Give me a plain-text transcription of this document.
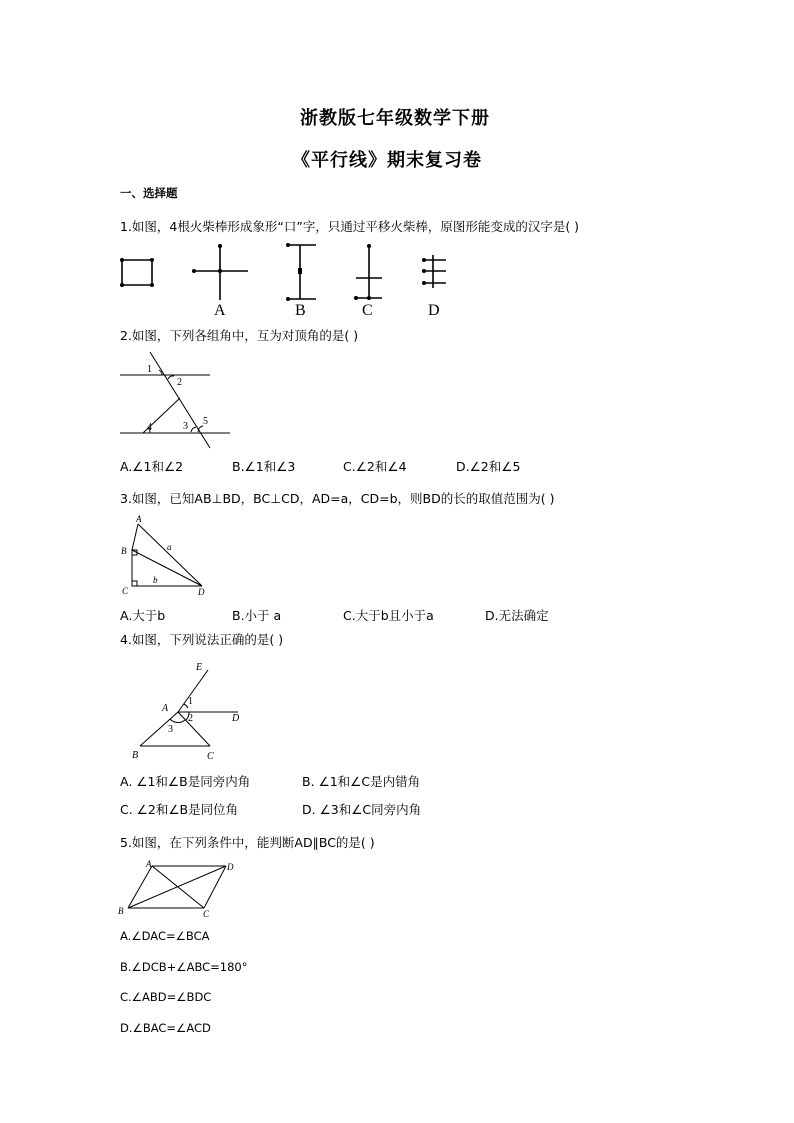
浙教版七年级数学下册
《平行线》期末复习卷
一、选择题
1.如图，4根火柴棒形成象形“口”字，只通过平移火柴棒，原图形能变成的汉字是( )
A	B	C	D
2.如图，下列各组角中，互为对顶角的是( )
1
2
3
4
5
A.∠1和∠2	B.∠1和∠3	C.∠2和∠4	D.∠2和∠5
3.如图，已知AB⊥BD，BC⊥CD，AD=a，CD=b，则BD的长的取值范围为( )
A
B
C	D
a
b
A.大于b	B.小于 a	C.大于b且小于a	D.无法确定
4.如图，下列说法正确的是( )
E
A
1
2
3
D
B	C
A. ∠1和∠B是同旁内角	B. ∠1和∠C是内错角
C. ∠2和∠B是同位角	D. ∠3和∠C同旁内角
5.如图，在下列条件中，能判断AD∥BC的是( )
A	D
B	C
A.∠DAC=∠BCA
B.∠DCB+∠ABC=180°
C.∠ABD=∠BDC
D.∠BAC=∠ACD
